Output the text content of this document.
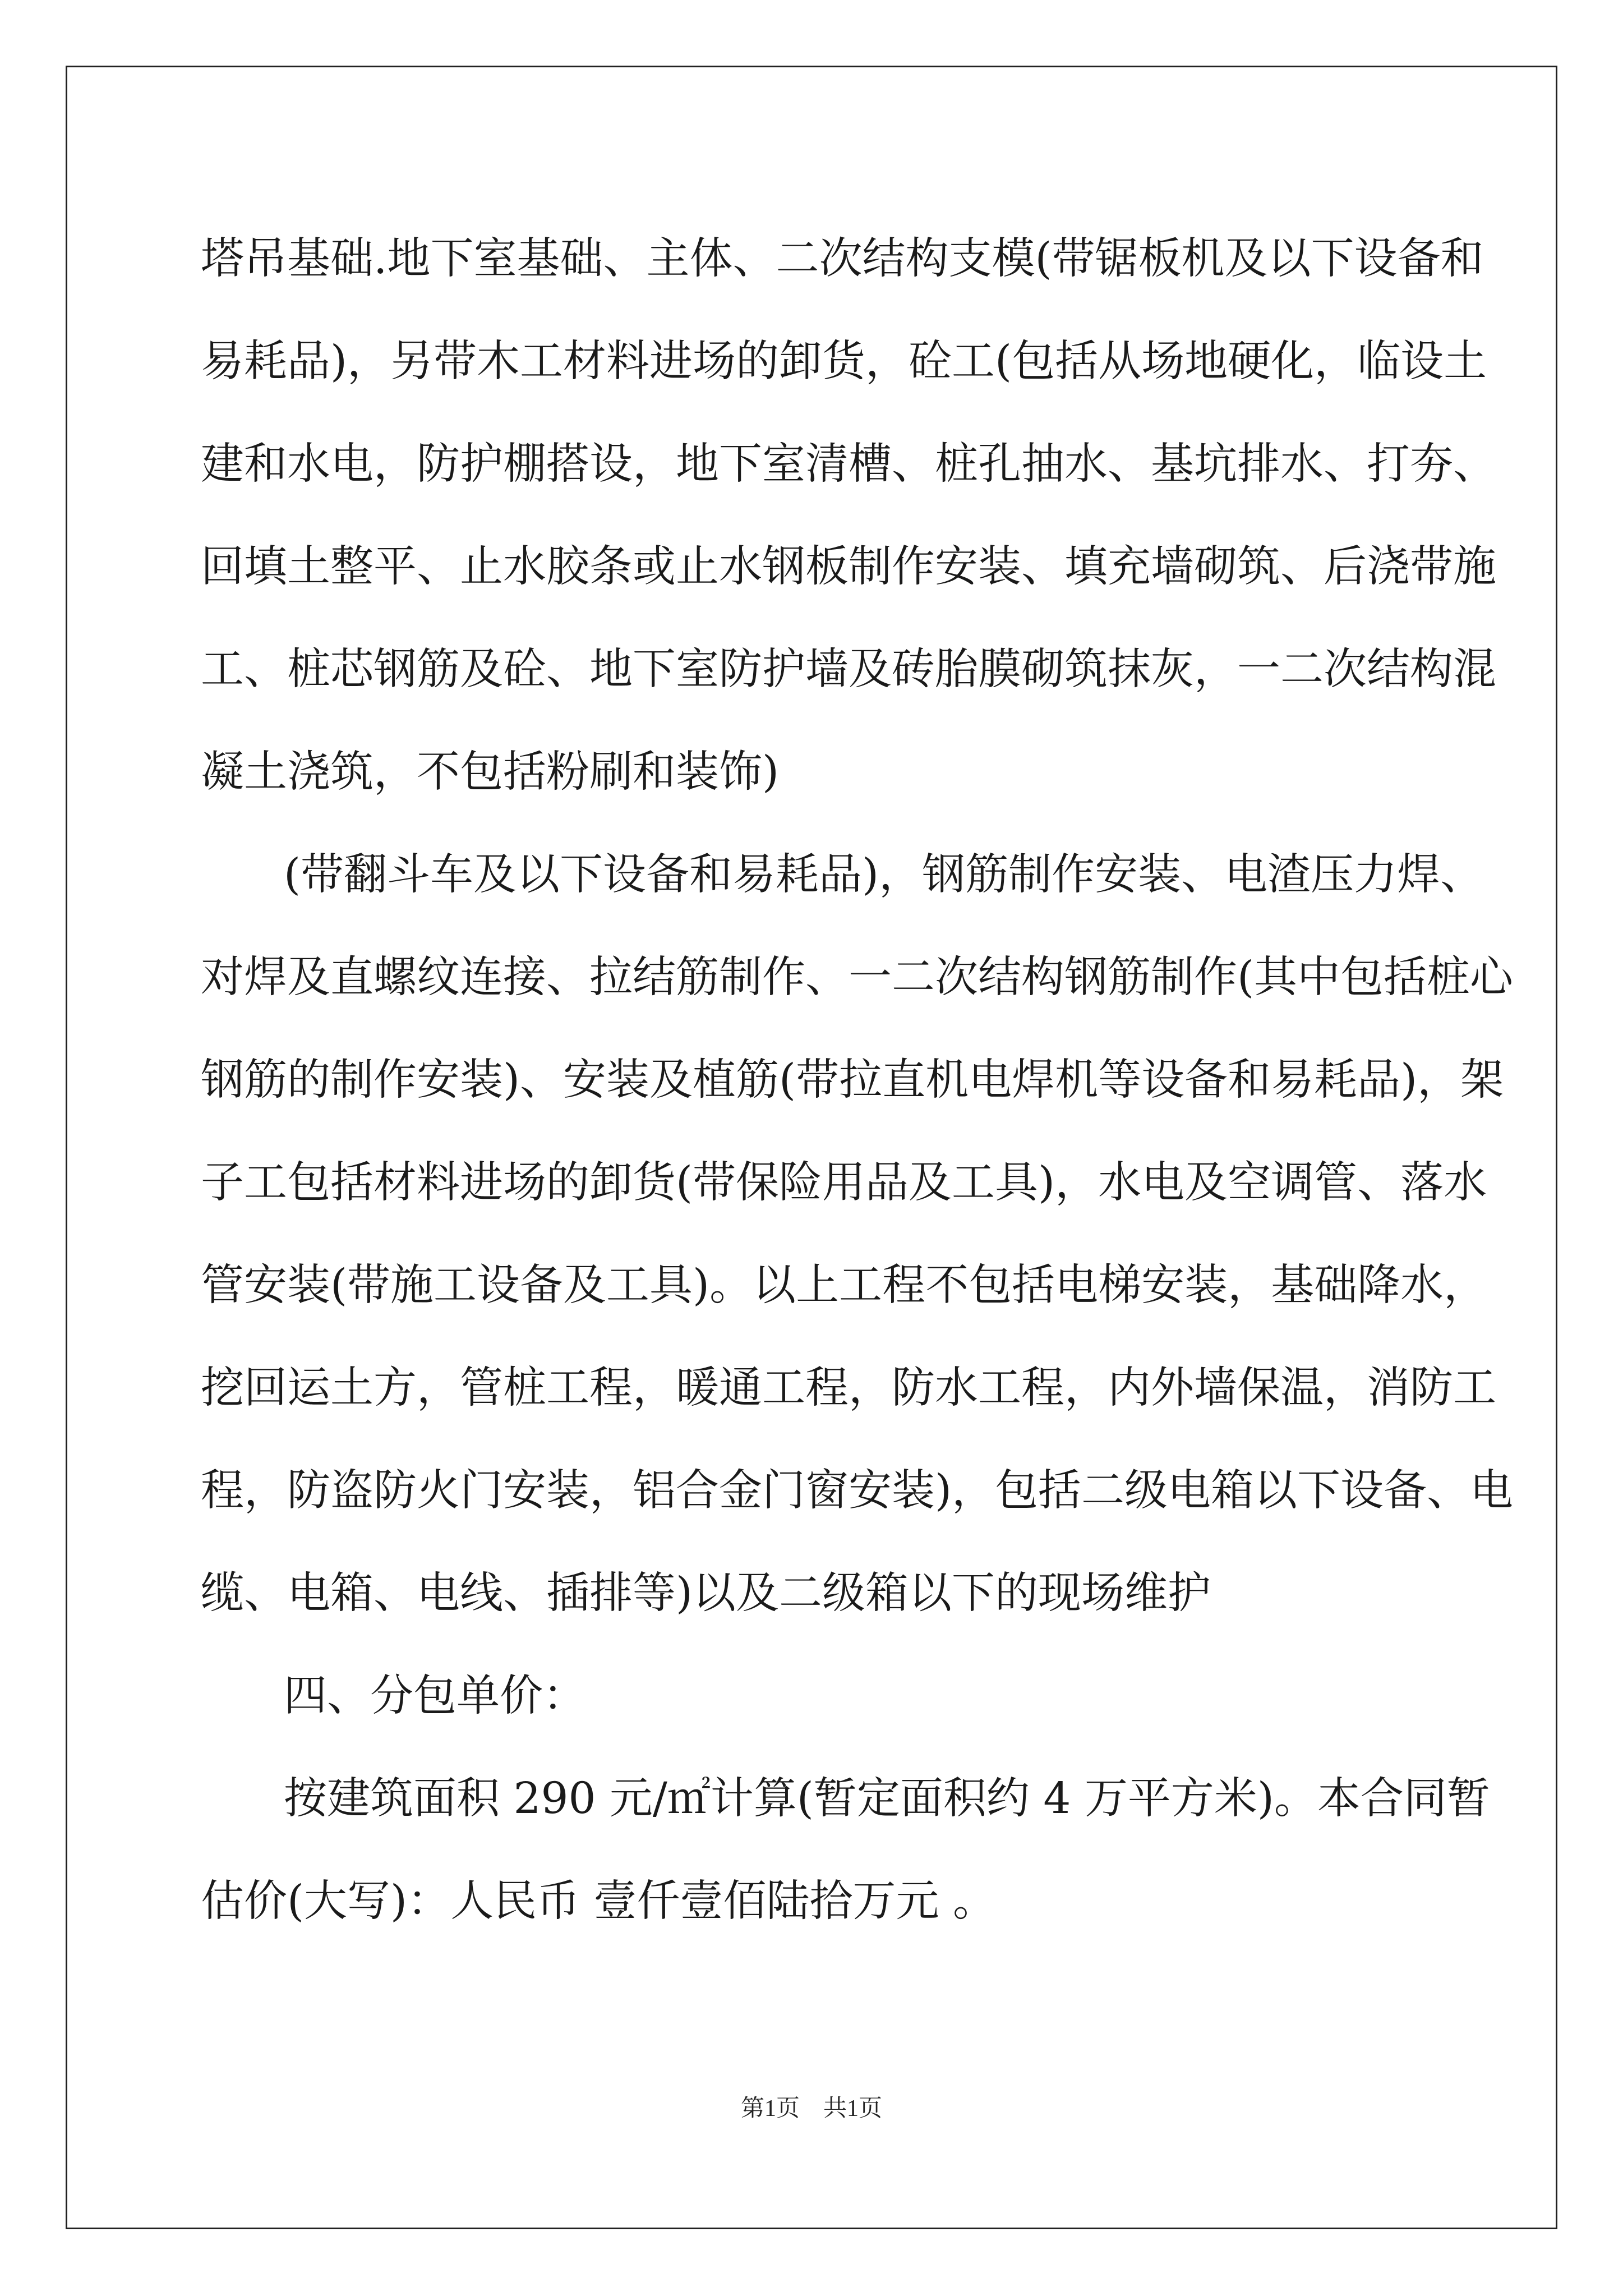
塔吊基础.地下室基础、主体、二次结构支模(带锯板机及以下设备和
易耗品)，另带木工材料进场的卸货，砼工(包括从场地硬化，临设土
建和水电，防护棚搭设，地下室清槽、桩孔抽水、基坑排水、打夯、
回填土整平、止水胶条或止水钢板制作安装、填充墙砌筑、后浇带施
工、桩芯钢筋及砼、地下室防护墙及砖胎膜砌筑抹灰，一二次结构混
凝土浇筑，不包括粉刷和装饰)
(带翻斗车及以下设备和易耗品)，钢筋制作安装、电渣压力焊、
对焊及直螺纹连接、拉结筋制作、一二次结构钢筋制作(其中包括桩心
钢筋的制作安装)、安装及植筋(带拉直机电焊机等设备和易耗品)，架
子工包括材料进场的卸货(带保险用品及工具)，水电及空调管、落水
管安装(带施工设备及工具)。以上工程不包括电梯安装，基础降水，
挖回运土方，管桩工程，暖通工程，防水工程，内外墙保温，消防工
程，防盗防火门安装，铝合金门窗安装)，包括二级电箱以下设备、电
缆、电箱、电线、插排等)以及二级箱以下的现场维护
四、分包单价：
按建筑面积 290 元/㎡计算(暂定面积约 4 万平方米)。本合同暂
估价(大写)：人民币 壹仟壹佰陆拾万元 。
第1页　共1页
